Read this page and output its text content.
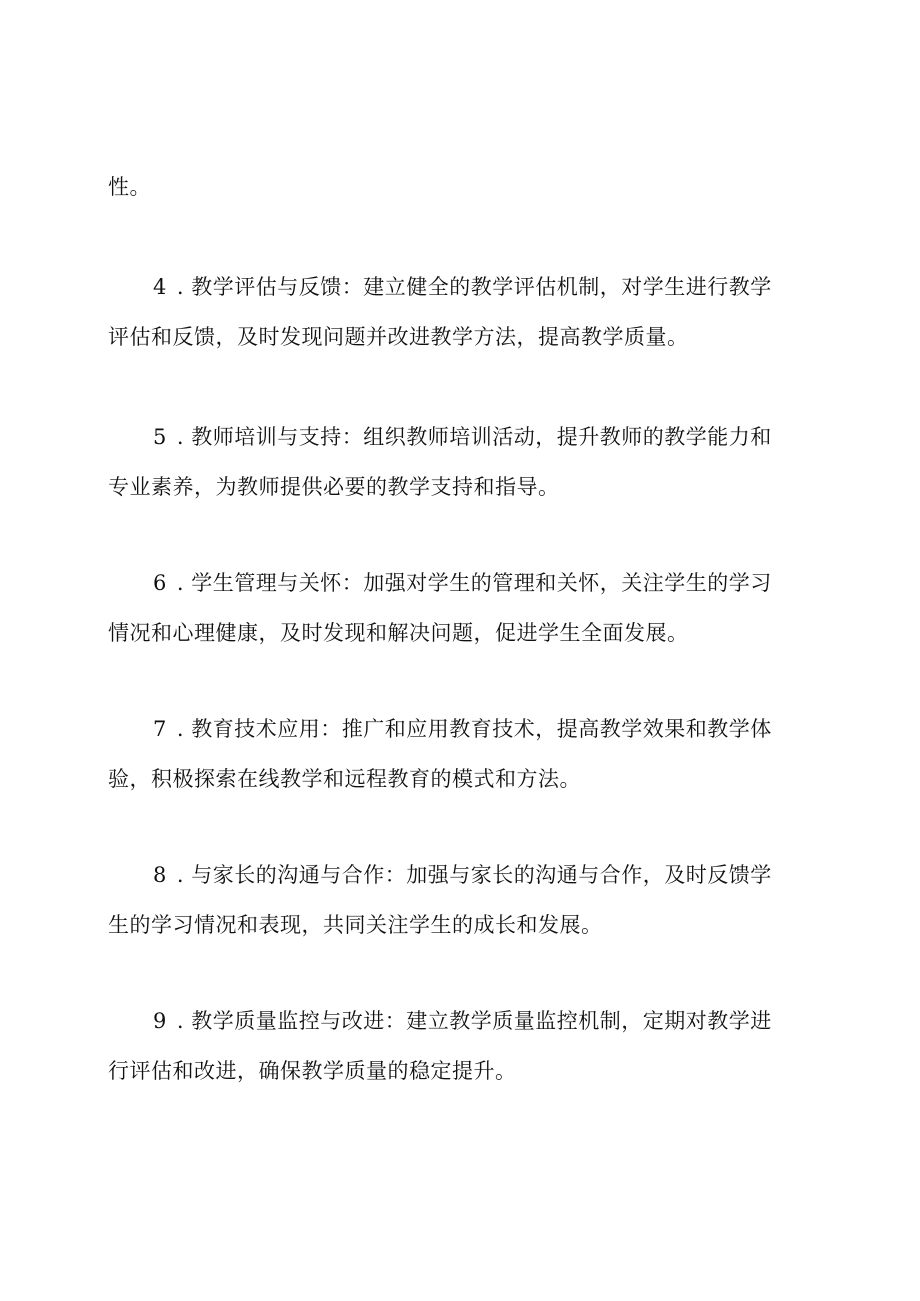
性。
4 . 教学评估与反馈：建立健全的教学评估机制，对学生进行教学
评估和反馈，及时发现问题并改进教学方法，提高教学质量。
5 . 教师培训与支持：组织教师培训活动，提升教师的教学能力和
专业素养，为教师提供必要的教学支持和指导。
6 . 学生管理与关怀：加强对学生的管理和关怀，关注学生的学习
情况和心理健康，及时发现和解决问题，促进学生全面发展。
7 . 教育技术应用：推广和应用教育技术，提高教学效果和教学体
验，积极探索在线教学和远程教育的模式和方法。
8 . 与家长的沟通与合作：加强与家长的沟通与合作，及时反馈学
生的学习情况和表现，共同关注学生的成长和发展。
9 . 教学质量监控与改进：建立教学质量监控机制，定期对教学进
行评估和改进，确保教学质量的稳定提升。
